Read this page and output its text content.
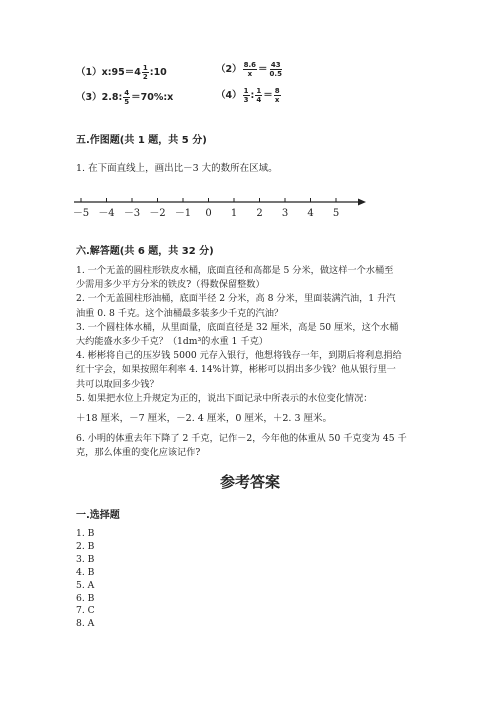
（1）x:95＝4 $\frac{1}{2}$ :10	$(2) \frac{8.6}{x} = \frac{43}{0.5}$
（3）2.8: $\frac{4}{5}$ ＝70%:x	$(4) \frac{1}{3}$ : $\frac{1}{4} = \frac{8}{x}$
五.作图题(共 1 题，共 5 分)
1. 在下面直线上，画出比－3 大的数所在区域。
－5 －4 －3 －2 －1 0 1 2 3 4 5
六.解答题(共 6 题，共 32 分)

1. 一个无盖的圆柱形铁皮水桶，底面直径和高都是 5 分米，做这样一个水桶至
少需用多少平方分米的铁皮?（得数保留整数）
2. 一个无盖圆柱形油桶，底面半径 2 分米，高 8 分米，里面装满汽油，1 升汽
油重 0. 8 千克。这个油桶最多装多少千克的汽油？
3. 一个圆柱体水桶，从里面量，底面直径是 32 厘米，高是 50 厘米，这个水桶
大约能盛水多少千克？（1dm³的水重 1 千克）
4. 彬彬将自己的压岁钱 5000 元存入银行，他想将钱存一年，到期后将利息捐给
红十字会，如果按照年利率 4. 14%计算，彬彬可以捐出多少钱？他从银行里一
共可以取回多少钱？
5. 如果把水位上升规定为正的，说出下面记录中所表示的水位变化情况：

＋18 厘米，－7 厘米，－2. 4 厘米，0 厘米，＋2. 3 厘米。

6. 小明的体重去年下降了 2 千克，记作－2，今年他的体重从 50 千克变为 45 千
克，那么体重的变化应该记作?

参考答案
一.选择题
1. B
2. B
3. B
4. B
5. A
6. B
7. C
8. A
